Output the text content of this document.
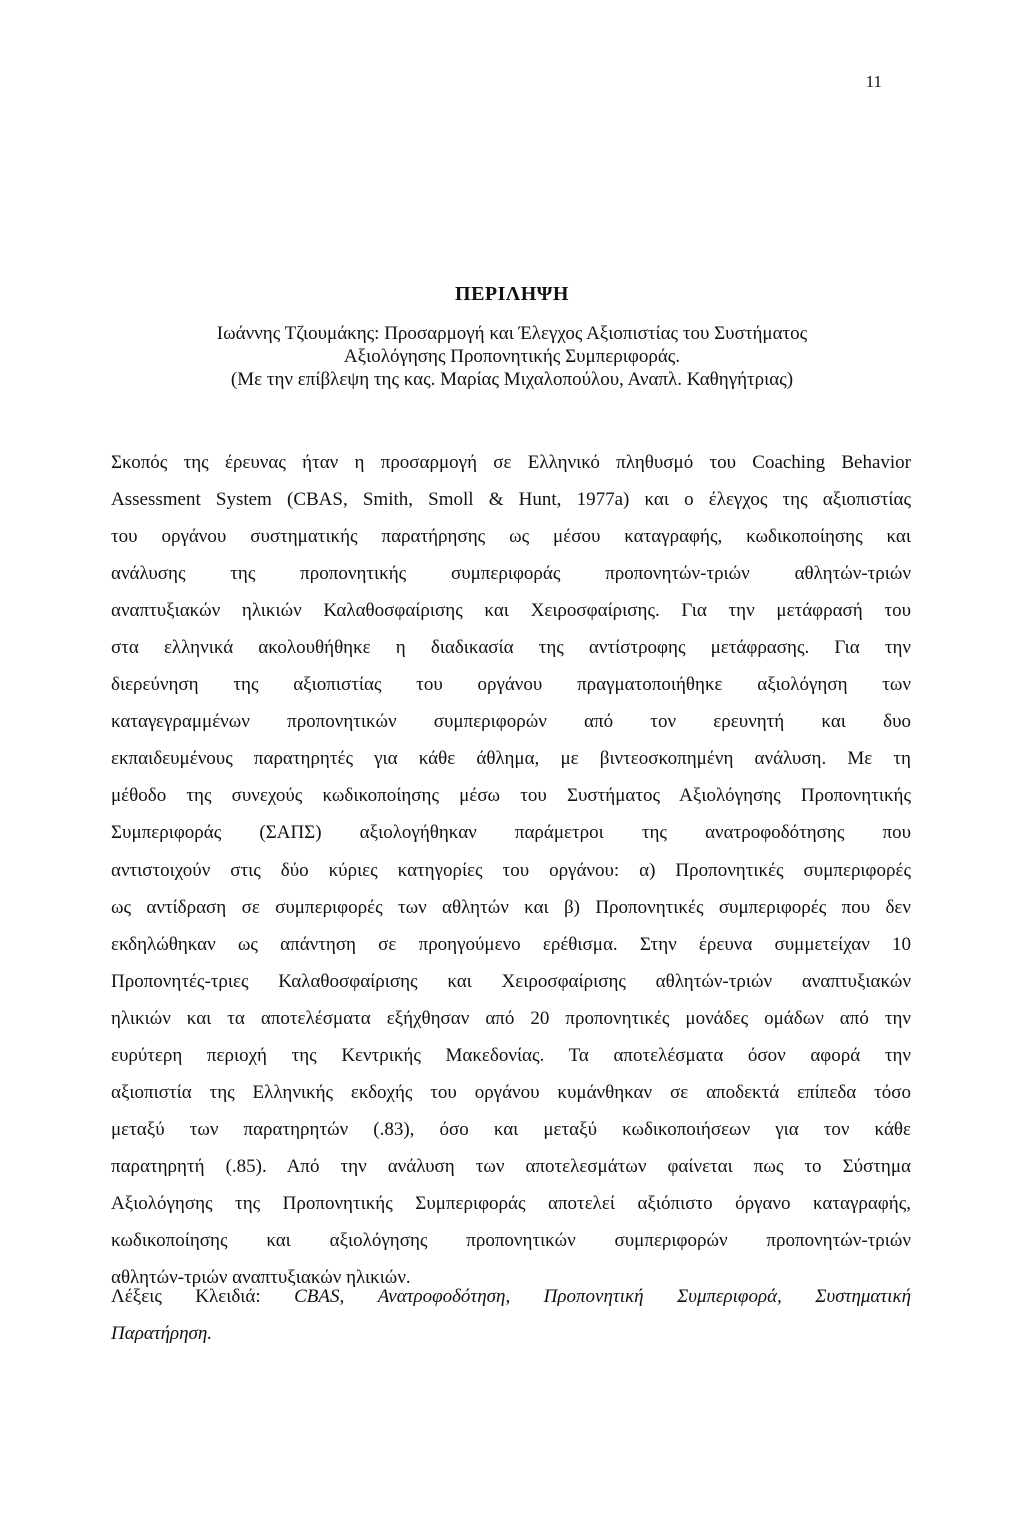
11
ΠΕΡΙΛΗΨΗ
Ιωάννης Τζιουμάκης: Προσαρμογή και Έλεγχος Αξιοπιστίας του Συστήματος
Αξιολόγησης Προπονητικής Συμπεριφοράς.
(Με την επίβλεψη της κας. Μαρίας Μιχαλοπούλου, Αναπλ. Καθηγήτριας)
Σκοπός της έρευνας ήταν η προσαρμογή σε Ελληνικό πληθυσμό του Coaching Behavior
Assessment System (CBAS, Smith, Smoll & Hunt, 1977a) και ο έλεγχος της αξιοπιστίας
του οργάνου συστηματικής παρατήρησης ως μέσου καταγραφής, κωδικοποίησης και
ανάλυσης της προπονητικής συμπεριφοράς προπονητών-τριών αθλητών-τριών
αναπτυξιακών ηλικιών Καλαθοσφαίρισης και Χειροσφαίρισης. Για την μετάφρασή του
στα ελληνικά ακολουθήθηκε η διαδικασία της αντίστροφης μετάφρασης. Για την
διερεύνηση της αξιοπιστίας του οργάνου πραγματοποιήθηκε αξιολόγηση των
καταγεγραμμένων προπονητικών συμπεριφορών από τον ερευνητή και δυο
εκπαιδευμένους παρατηρητές για κάθε άθλημα, με βιντεοσκοπημένη ανάλυση. Με τη
μέθοδο της συνεχούς κωδικοποίησης μέσω του Συστήματος Αξιολόγησης Προπονητικής
Συμπεριφοράς (ΣΑΠΣ) αξιολογήθηκαν παράμετροι της ανατροφοδότησης που
αντιστοιχούν στις δύο κύριες κατηγορίες του οργάνου: α) Προπονητικές συμπεριφορές
ως αντίδραση σε συμπεριφορές των αθλητών και β) Προπονητικές συμπεριφορές που δεν
εκδηλώθηκαν ως απάντηση σε προηγούμενο ερέθισμα. Στην έρευνα συμμετείχαν 10
Προπονητές-τριες Καλαθοσφαίρισης και Χειροσφαίρισης αθλητών-τριών αναπτυξιακών
ηλικιών και τα αποτελέσματα εξήχθησαν από 20 προπονητικές μονάδες ομάδων από την
ευρύτερη περιοχή της Κεντρικής Μακεδονίας. Τα αποτελέσματα όσον αφορά την
αξιοπιστία της Ελληνικής εκδοχής του οργάνου κυμάνθηκαν σε αποδεκτά επίπεδα τόσο
μεταξύ των παρατηρητών (.83), όσο και μεταξύ κωδικοποιήσεων για τον κάθε
παρατηρητή (.85). Από την ανάλυση των αποτελεσμάτων φαίνεται πως το Σύστημα
Αξιολόγησης της Προπονητικής Συμπεριφοράς αποτελεί αξιόπιστο όργανο καταγραφής,
κωδικοποίησης και αξιολόγησης προπονητικών συμπεριφορών προπονητών-τριών
αθλητών-τριών αναπτυξιακών ηλικιών.
Λέξεις Κλειδιά: CBAS, Ανατροφοδότηση, Προπονητική Συμπεριφορά, Συστηματική
Παρατήρηση.
